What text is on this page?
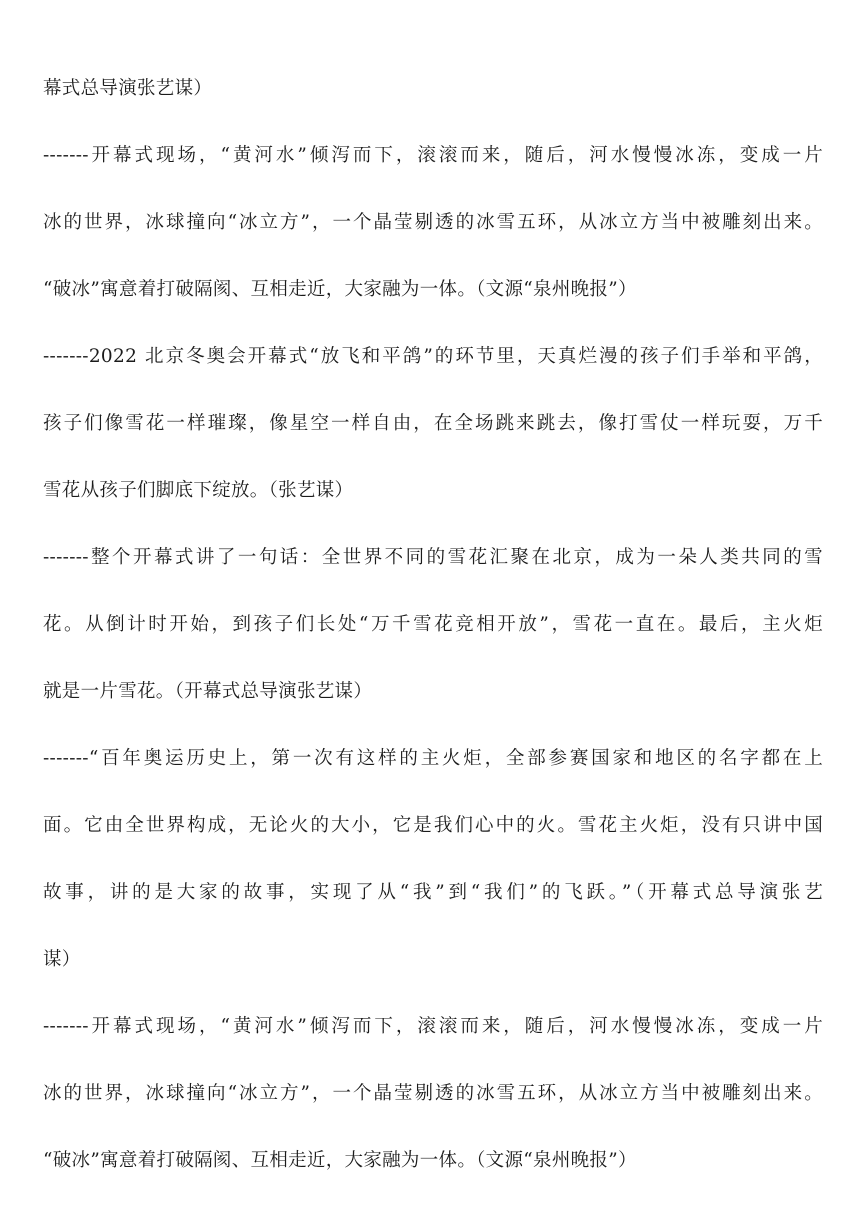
幕式总导演张艺谋）

-------开幕式现场，“黄河水”倾泻而下，滚滚而来，随后，河水慢慢冰冻，变成一片

冰的世界，冰球撞向“冰立方”，一个晶莹剔透的冰雪五环，从冰立方当中被雕刻出来。

“破冰”寓意着打破隔阂、互相走近，大家融为一体。（文源“泉州晚报”）

-------2022 北京冬奥会开幕式“放飞和平鸽”的环节里，天真烂漫的孩子们手举和平鸽，

孩子们像雪花一样璀璨，像星空一样自由，在全场跳来跳去，像打雪仗一样玩耍，万千

雪花从孩子们脚底下绽放。（张艺谋）

-------整个开幕式讲了一句话：全世界不同的雪花汇聚在北京，成为一朵人类共同的雪

花。从倒计时开始，到孩子们长处“万千雪花竞相开放”，雪花一直在。最后，主火炬

就是一片雪花。（开幕式总导演张艺谋）

-------“百年奥运历史上，第一次有这样的主火炬，全部参赛国家和地区的名字都在上

面。它由全世界构成，无论火的大小，它是我们心中的火。雪花主火炬，没有只讲中国

故事，讲的是大家的故事，实现了从“我”到“我们”的飞跃。”（开幕式总导演张艺

谋）

-------开幕式现场，“黄河水”倾泻而下，滚滚而来，随后，河水慢慢冰冻，变成一片

冰的世界，冰球撞向“冰立方”，一个晶莹剔透的冰雪五环，从冰立方当中被雕刻出来。

“破冰”寓意着打破隔阂、互相走近，大家融为一体。（文源“泉州晚报”）
